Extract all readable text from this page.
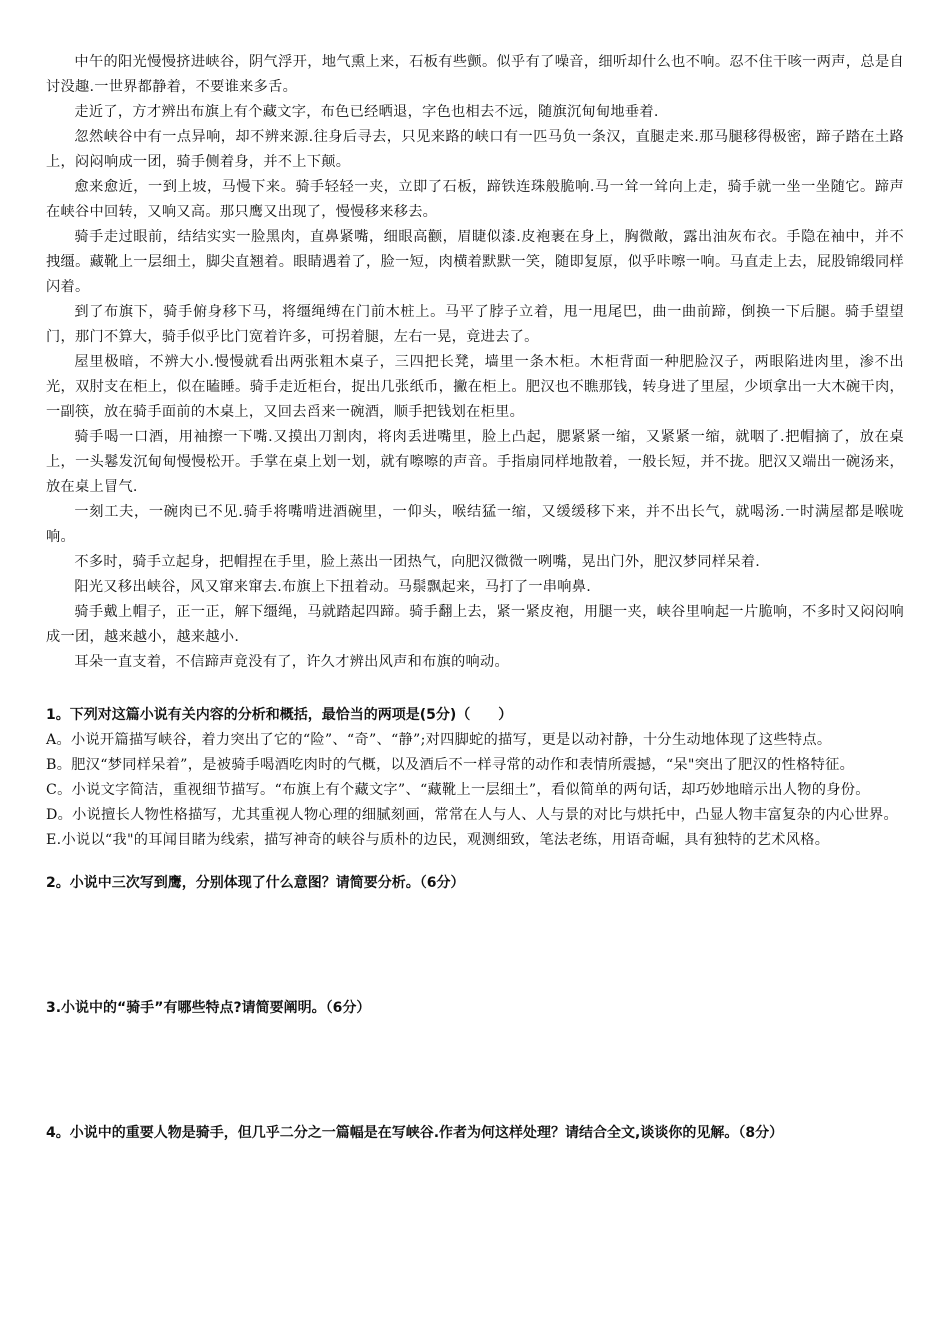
中午的阳光慢慢挤进峡谷，阴气浮开，地气熏上来，石板有些颤。似乎有了噪音，细听却什么也不响。忍不住干咳一两声，总是自讨没趣.一世界都静着，不要谁来多舌。

走近了，方才辨出布旗上有个藏文字，布色已经晒退，字色也相去不远，随旗沉甸甸地垂着.

忽然峡谷中有一点异响，却不辨来源.往身后寻去，只见来路的峡口有一匹马负一条汉，直腿走来.那马腿移得极密，蹄子踏在土路上，闷闷响成一团，骑手侧着身，并不上下颠。

愈来愈近，一到上坡，马慢下来。骑手轻轻一夹，立即了石板，蹄铁连珠般脆响.马一耸一耸向上走，骑手就一坐一坐随它。蹄声在峡谷中回转，又响又高。那只鹰又出现了，慢慢移来移去。

骑手走过眼前，结结实实一脸黑肉，直鼻紧嘴，细眼高颧，眉睫似漆.皮袍裹在身上，胸微敞，露出油灰布衣。手隐在袖中，并不拽缰。藏靴上一层细土，脚尖直翘着。眼睛遇着了，脸一短，肉横着默默一笑，随即复原，似乎咔嚓一响。马直走上去，屁股锦缎同样闪着。

到了布旗下，骑手俯身移下马，将缰绳缚在门前木桩上。马平了脖子立着，甩一甩尾巴，曲一曲前蹄，倒换一下后腿。骑手望望门，那门不算大，骑手似乎比门宽着许多，可拐着腿，左右一晃，竟进去了。

屋里极暗，不辨大小.慢慢就看出两张粗木桌子，三四把长凳，墙里一条木柜。木柜背面一种肥脸汉子，两眼陷进肉里，渗不出光，双肘支在柜上，似在瞌睡。骑手走近柜台，捉出几张纸币，撇在柜上。肥汉也不瞧那钱，转身进了里屋，少顷拿出一大木碗干肉，一副筷，放在骑手面前的木桌上，又回去舀来一碗酒，顺手把钱划在柜里。

骑手喝一口酒，用袖擦一下嘴.又摸出刀割肉，将肉丢进嘴里，脸上凸起，腮紧紧一缩，又紧紧一缩，就咽了.把帽摘了，放在桌上，一头鬈发沉甸甸慢慢松开。手掌在桌上划一划，就有嚓嚓的声音。手指扇同样地散着，一般长短，并不拢。肥汉又端出一碗汤来，放在桌上冒气.

一刻工夫，一碗肉已不见.骑手将嘴啃进酒碗里，一仰头，喉结猛一缩，又缓缓移下来，并不出长气，就喝汤.一时满屋都是喉咙响。

不多时，骑手立起身，把帽捏在手里，脸上蒸出一团热气，向肥汉微微一咧嘴，晃出门外，肥汉梦同样呆着.

阳光又移出峡谷，风又窜来窜去.布旗上下扭着动。马鬃飘起来，马打了一串响鼻.

骑手戴上帽子，正一正，解下缰绳，马就踏起四蹄。骑手翻上去，紧一紧皮袍，用腿一夹，峡谷里响起一片脆响，不多时又闷闷响成一团，越来越小，越来越小.

耳朵一直支着，不信蹄声竟没有了，许久才辨出风声和布旗的响动。

1。下列对这篇小说有关内容的分析和概括，最恰当的两项是(5分)（　　）

A。小说开篇描写峡谷，着力突出了它的“险”、“奇”、“静”;对四脚蛇的描写，更是以动衬静，十分生动地体现了这些特点。

B。肥汉“梦同样呆着”，是被骑手喝酒吃肉时的气概，以及酒后不一样寻常的动作和表情所震撼，“呆"突出了肥汉的性格特征。

C。小说文字简洁，重视细节描写。“布旗上有个藏文字”、“藏靴上一层细土”，看似简单的两句话，却巧妙地暗示出人物的身份。

D。小说擅长人物性格描写，尤其重视人物心理的细腻刻画，常常在人与人、人与景的对比与烘托中，凸显人物丰富复杂的内心世界。

E.小说以“我"的耳闻目睹为线索，描写神奇的峡谷与质朴的边民，观测细致，笔法老练，用语奇崛，具有独特的艺术风格。

2。小说中三次写到鹰，分别体现了什么意图？请简要分析。（6分）

3.小说中的“骑手”有哪些特点?请简要阐明。（6分）

4。小说中的重要人物是骑手，但几乎二分之一篇幅是在写峡谷.作者为何这样处理？请结合全文,谈谈你的见解。（8分）
